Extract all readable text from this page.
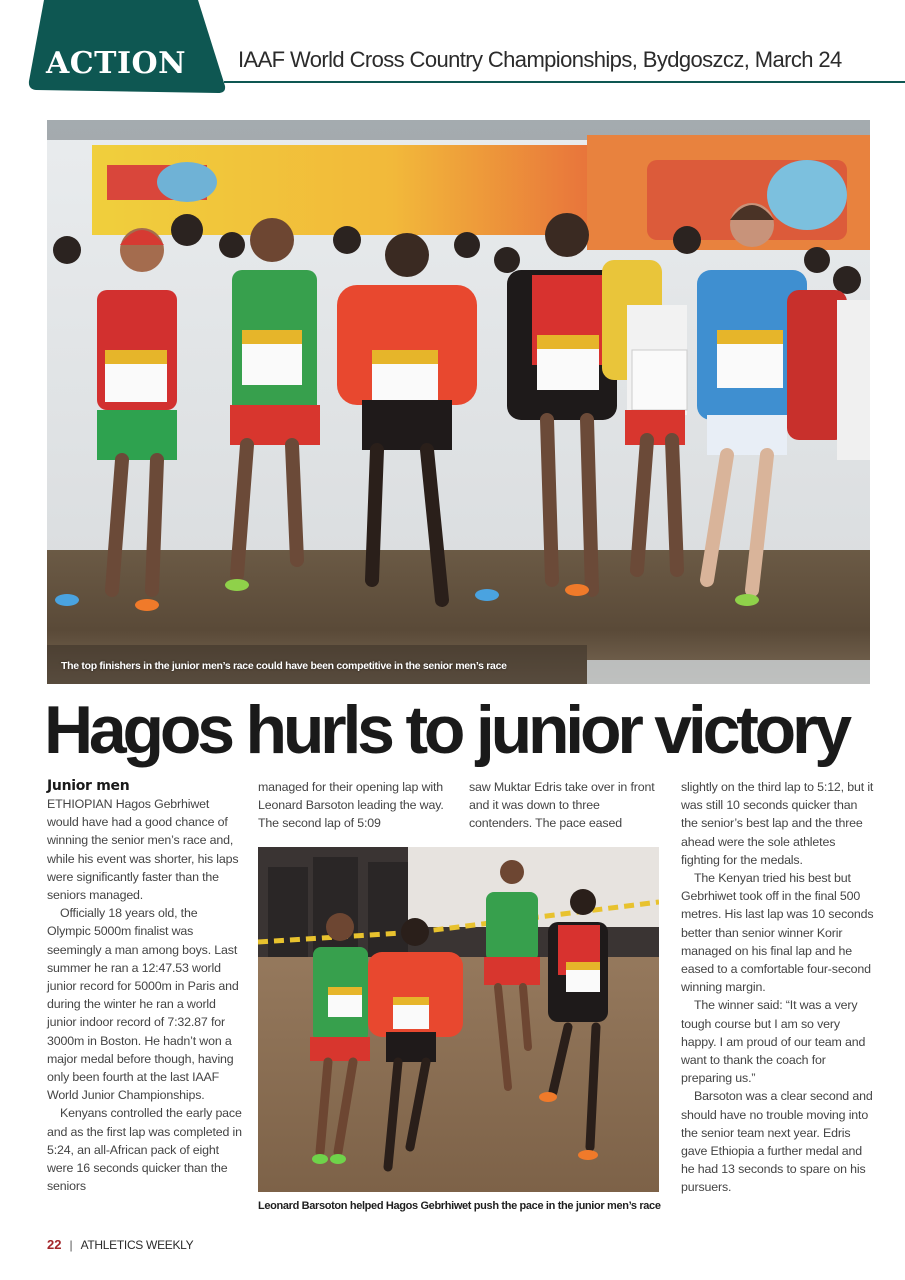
ACTION	IAAF World Cross Country Championships, Bydgoszcz, March 24
The top finishers in the junior men’s race could have been competitive in the senior men’s race
Hagos hurls to junior victory
Junior men

ETHIOPIAN Hagos Gebrhiwet would have had a good chance of winning the senior men’s race and, while his event was shorter, his laps were significantly faster than the seniors managed.

Officially 18 years old, the Olympic 5000m finalist was seemingly a man among boys. Last summer he ran a 12:47.53 world junior record for 5000m in Paris and during the winter he ran a world junior indoor record of 7:32.87 for 3000m in Boston. He hadn’t won a major medal before though, having only been fourth at the last IAAF World Junior Championships.

Kenyans controlled the early pace and as the first lap was completed in 5:24, an all-African pack of eight were 16 seconds quicker than the seniors

managed for their opening lap with Leonard Barsoton leading the way. The second lap of 5:09

saw Muktar Edris take over in front and it was down to three contenders. The pace eased

Leonard Barsoton helped Hagos Gebrhiwet push the pace in the junior men’s race

slightly on the third lap to 5:12, but it was still 10 seconds quicker than the senior’s best lap and the three ahead were the sole athletes fighting for the medals.

The Kenyan tried his best but Gebrhiwet took off in the final 500 metres. His last lap was 10 seconds better than senior winner Korir managed on his final lap and he eased to a comfortable four-second winning margin.

The winner said: “It was a very tough course but I am so very happy. I am proud of our team and want to thank the coach for preparing us.”

Barsoton was a clear second and should have no trouble moving into the senior team next year. Edris gave Ethiopia a further medal and he had 13 seconds to spare on his pursuers.

22 | ATHLETICS WEEKLY
